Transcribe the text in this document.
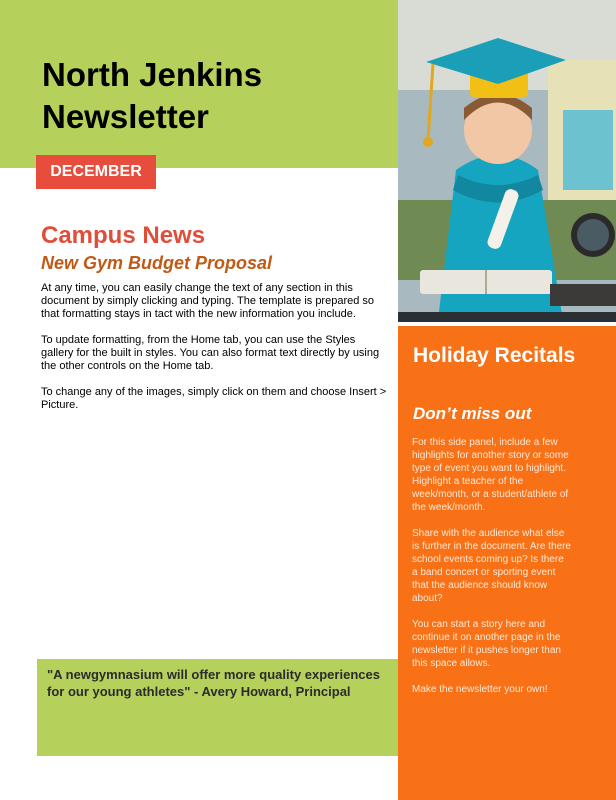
North Jenkins Newsletter
DECEMBER
Campus News
New Gym Budget Proposal

At any time, you can easily change the text of any section in this document by simply clicking and typing. The template is prepared so that formatting stays in tact with the new information you include.

To update formatting, from the Home tab, you can use the Styles gallery for the built in styles. You can also format text directly by using the other controls on the Home tab.

To change any of the images, simply click on them and choose Insert > Picture.

"A newgymnasium will offer more quality experiences for our young athletes" - Avery Howard, Principal

Holiday Recitals
Don’t miss out

For this side panel, include a few highlights for another story or some type of event you want to highlight. Highlight a teacher of the week/month, or a student/athlete of the week/month.

Share with the audience what else is further in the document. Are there school events coming up? Is there a band concert or sporting event that the audience should know about?

You can start a story here and continue it on another page in the newsletter if it pushes longer than this space allows.

Make the newsletter your own!
